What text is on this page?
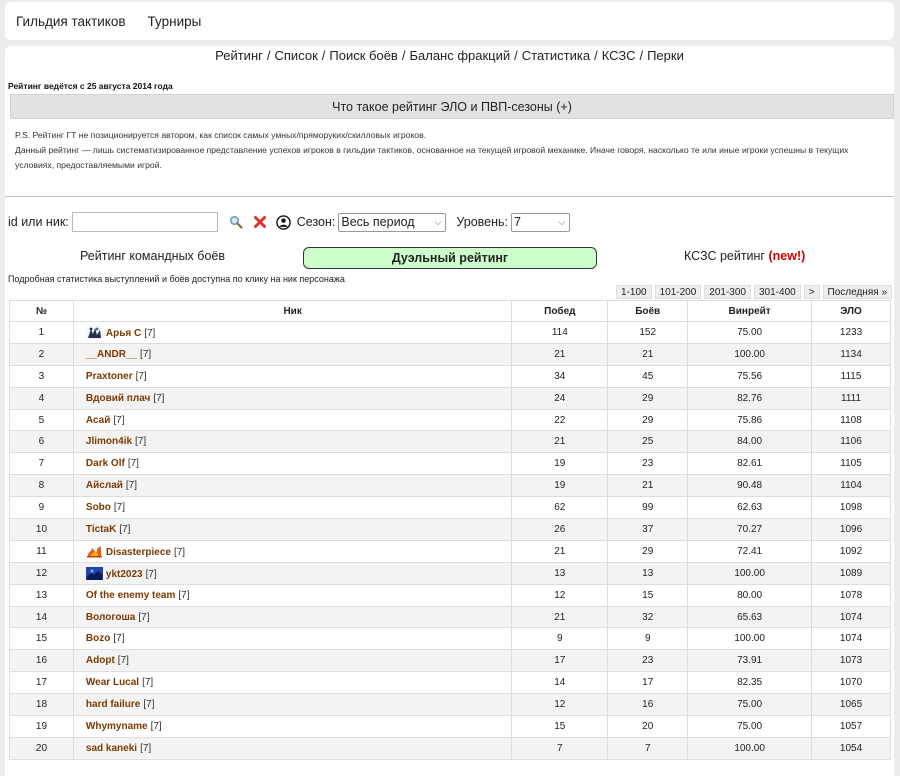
Гильдия тактиков Турниры
Рейтинг / Список / Поиск боёв / Баланс фракций / Статистика / КСЗС / Перки
Рейтинг ведётся с 25 августа 2014 года
Что такое рейтинг ЭЛО и ПВП-сезоны (+)
P.S. Рейтинг ГТ не позиционируется автором, как список самых умных/пряморуких/скилловых игроков.
Данный рейтинг — лишь систематизированное представление успехов игроков в гильдии тактиков, основанное на текущей игровой механике. Иначе говоря, насколько те или иные игроки успешны в текущих условиях, предоставляемыми игрой.
id или ник:	Сезон: Весь период ⌵ Уровень: 7	⌵
Рейтинг командных боёв	Дуэльный рейтинг	КСЗС рейтинг (new!)
Подробная статистика выступлений и боёв доступна по клику на ник персонажа
1-100	101-200	201-300	301-400	>	Последняя »
№	Ник	Побед	Боёв	Винрейт	ЭЛО
1	Арья С [7]	114	152	75.00	1233
2	__ANDR__ [7]	21	21	100.00	1134
3	Praxtoner [7]	34	45	75.56	1115
4	Вдовий плач [7]	24	29	82.76	1111
5	Асай [7]	22	29	75.86	1108
6	Jlimon4ik [7]	21	25	84.00	1106
7	Dark Olf [7]	19	23	82.61	1105
8	Айслай [7]	19	21	90.48	1104
9	Sobo [7]	62	99	62.63	1098
10	TictaK [7]	26	37	70.27	1096
11	Disasterpiece [7]	21	29	72.41	1092
12	ykt2023 [7]	13	13	100.00	1089
13	Of the enemy team [7]	12	15	80.00	1078
14	Вологоша [7]	21	32	65.63	1074
15	Bozo [7]	9	9	100.00	1074
16	Adopt [7]	17	23	73.91	1073
17	Wear Lucal [7]	14	17	82.35	1070
18	hard failure [7]	12	16	75.00	1065
19	Whymyname [7]	15	20	75.00	1057
20	sad kaneki [7]	7	7	100.00	1054
